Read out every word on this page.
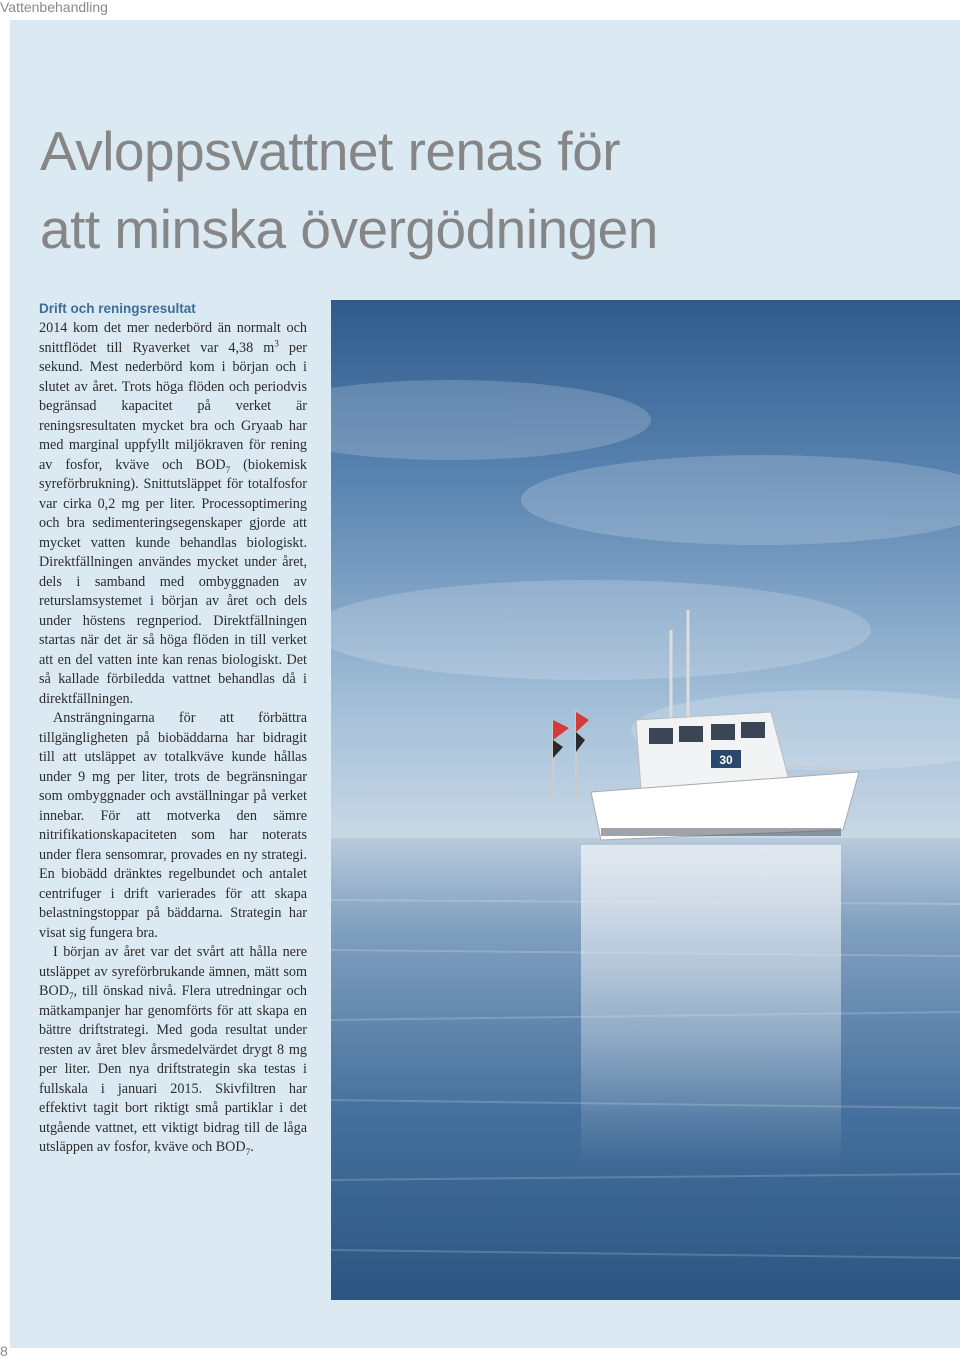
Vattenbehandling
Avloppsvattnet renas för
att minska övergödningen
Drift och reningsresultat

2014 kom det mer nederbörd än normalt och snittflödet till Ryaverket var 4,38 $m^3$ per sekund. Mest nederbörd kom i början och i slutet av året. Trots höga flöden och periodvis begränsad kapacitet på verket är reningsresultaten mycket bra och Gryaab har med marginal uppfyllt miljökraven för rening av fosfor, kväve och $BOD_7$ (biokemisk syreförbrukning). Snittutsläppet för totalfosfor var cirka 0,2 mg per liter. Processoptimering och bra sedimenteringsegenskaper gjorde att mycket vatten kunde behandlas biologiskt. Direktfällningen användes mycket under året, dels i samband med ombyggnaden av returslamsystemet i början av året och dels under höstens regnperiod. Direktfällningen startas när det är så höga flöden in till verket att en del vatten inte kan renas biologiskt. Det så kallade förbiledda vattnet behandlas då i direktfällningen.

Ansträngningarna för att förbättra tillgängligheten på biobäddarna har bidragit till att utsläppet av totalkväve kunde hållas under 9 mg per liter, trots de begränsningar som ombyggnader och avställningar på verket innebar. För att motverka den sämre nitrifikationskapaciteten som har noterats under flera sensomrar, provades en ny strategi. En biobädd dränktes regelbundet och antalet centrifuger i drift varierades för att skapa belastningstoppar på bäddarna. Strategin har visat sig fungera bra.

I början av året var det svårt att hålla nere utsläppet av syreförbrukande ämnen, mätt som $BOD_7$, till önskad nivå. Flera utredningar och mätkampanjer har genomförts för att skapa en bättre driftstrategi. Med goda resultat under resten av året blev årsmedelvärdet drygt 8 mg per liter. Den nya driftstrategin ska testas i fullskala i januari 2015. Skivfiltren har effektivt tagit bort riktigt små partiklar i det utgående vattnet, ett viktigt bidrag till de låga utsläppen av fosfor, kväve och $BOD_7$.

30
8
